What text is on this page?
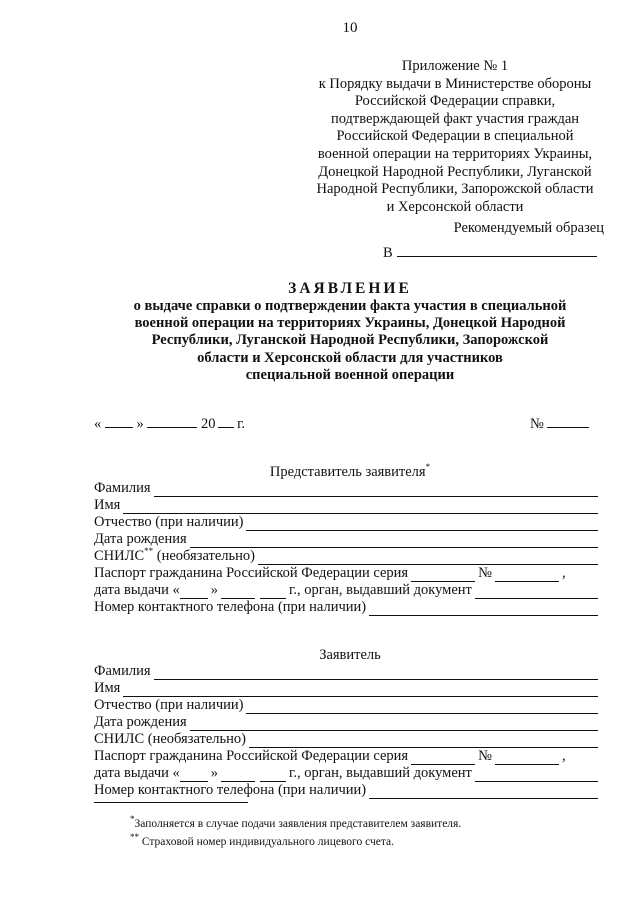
10
Приложение № 1
к Порядку выдачи в Министерстве обороны
Российской Федерации справки,
подтверждающей факт участия граждан
Российской Федерации в специальной
военной операции на территориях Украины,
Донецкой Народной Республики, Луганской
Народной Республики, Запорожской области
и Херсонской области
Рекомендуемый образец
В
ЗАЯВЛЕНИЕ
о выдаче справки о подтверждении факта участия в специальной
военной операции на территориях Украины, Донецкой Народной
Республики, Луганской Народной Республики, Запорожской
области и Херсонской области для участников
специальной военной операции
« »	20 г.	№
Представитель заявителя*
Фамилия
Имя
Отчество (при наличии)
Дата рождения
СНИЛС** (необязательно)
Паспорт гражданина Российской Федерации серия	№	,
дата выдачи « »	г., орган, выдавший документ
Номер контактного телефона (при наличии)
Заявитель
Фамилия
Имя
Отчество (при наличии)
Дата рождения
СНИЛС (необязательно)
Паспорт гражданина Российской Федерации серия	№	,
дата выдачи « »	г., орган, выдавший документ
Номер контактного телефона (при наличии)
*Заполняется в случае подачи заявления представителем заявителя.
** Страховой номер индивидуального лицевого счета.
